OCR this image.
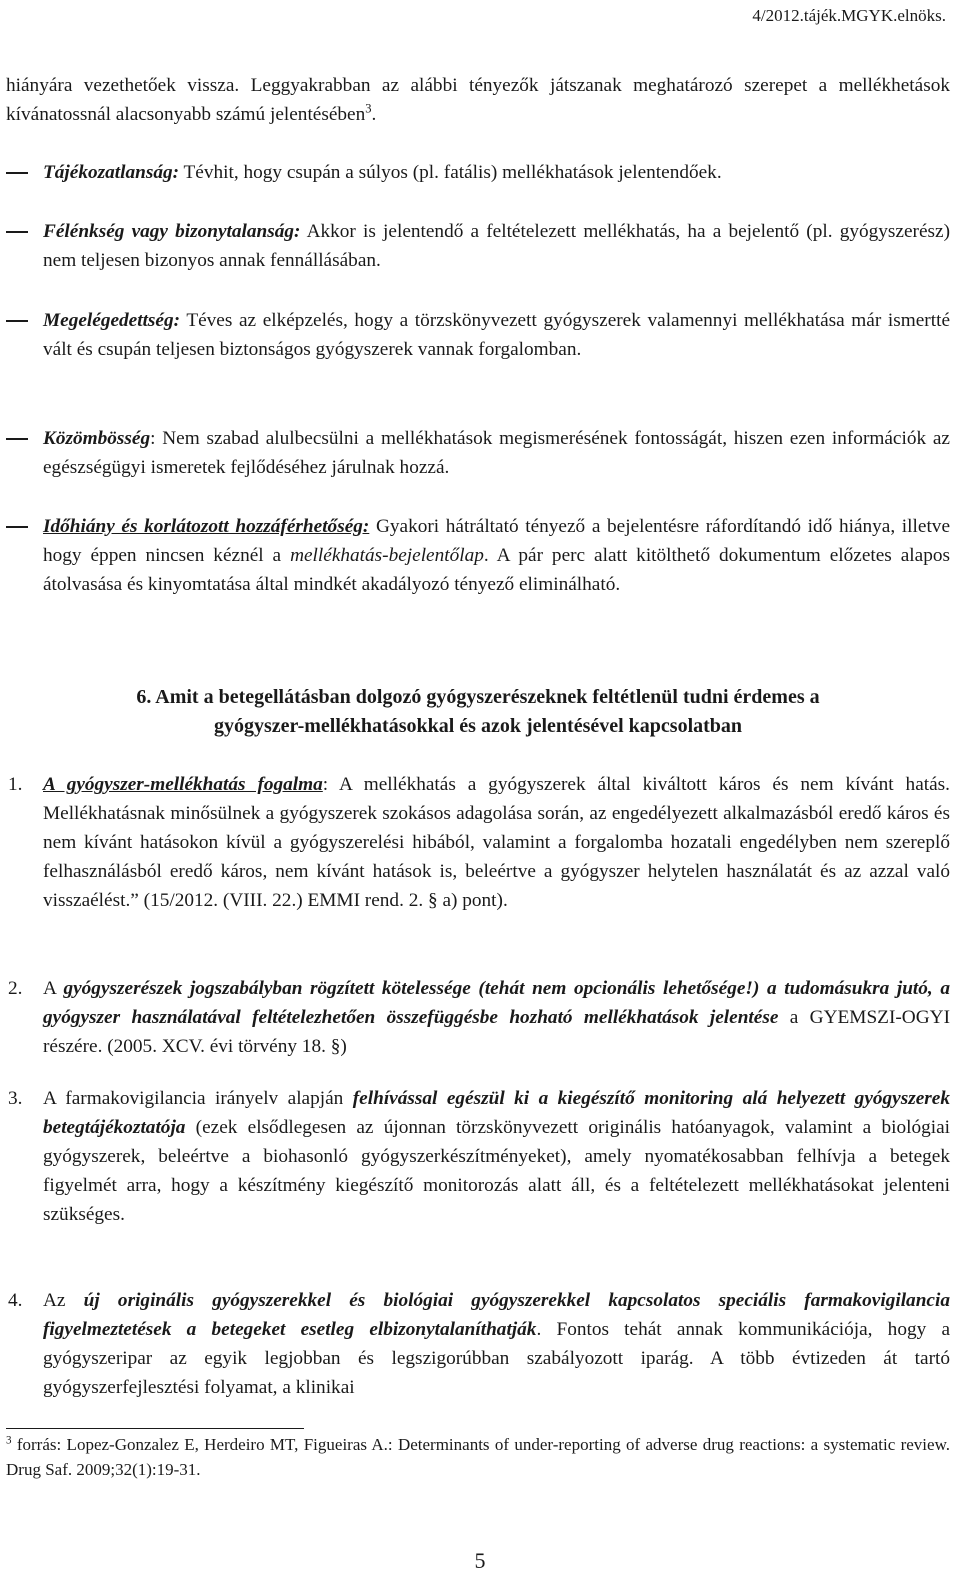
4/2012.tájék.MGYK.elnöks.
hiányára vezethetőek vissza. Leggyakrabban az alábbi tényezők játszanak meghatározó szerepet a mellékhetások kívánatossnál alacsonyabb számú jelentésében$^3$.
Tájékozatlanság: Tévhit, hogy csupán a súlyos (pl. fatális) mellékhatások jelentendőek.
Félénkség vagy bizonytalanság: Akkor is jelentendő a feltételezett mellékhatás, ha a bejelentő (pl. gyógyszerész) nem teljesen bizonyos annak fennállásában.
Megelégedettség: Téves az elképzelés, hogy a törzskönyvezett gyógyszerek valamennyi mellékhatása már ismertté vált és csupán teljesen biztonságos gyógyszerek vannak forgalomban.
Közömbösség: Nem szabad alulbecsülni a mellékhatások megismerésének fontosságát, hiszen ezen információk az egészségügyi ismeretek fejlődéséhez járulnak hozzá.
Időhiány és korlátozott hozzáférhetőség: Gyakori hátráltató tényező a bejelentésre ráfordítandó idő hiánya, illetve hogy éppen nincsen kéznél a mellékhatás-bejelentőlap. A pár perc alatt kitölthető dokumentum előzetes alapos átolvasása és kinyomtatása által mindkét akadályozó tényező eliminálható.
6. Amit a betegellátásban dolgozó gyógyszerészeknek feltétlenül tudni érdemes a
gyógyszer-mellékhatásokkal és azok jelentésével kapcsolatban
1. A gyógyszer-mellékhatás fogalma: A mellékhatás a gyógyszerek által kiváltott káros és nem kívánt hatás. Mellékhatásnak minősülnek a gyógyszerek szokásos adagolása során, az engedélyezett alkalmazásból eredő káros és nem kívánt hatásokon kívül a gyógyszerelési hibából, valamint a forgalomba hozatali engedélyben nem szereplő felhasználásból eredő káros, nem kívánt hatások is, beleértve a gyógyszer helytelen használatát és az azzal való visszaélést.” (15/2012. (VIII. 22.) EMMI rend. 2. § a) pont).
2. A gyógyszerészek jogszabályban rögzített kötelessége (tehát nem opcionális lehetősége!) a tudomásukra jutó, a gyógyszer használatával feltételezhetően összefüggésbe hozható mellékhatások jelentése a GYEMSZI-OGYI részére. (2005. XCV. évi törvény 18. §)
3. A farmakovigilancia irányelv alapján felhívással egészül ki a kiegészítő monitoring alá helyezett gyógyszerek betegtájékoztatója (ezek elsődlegesen az újonnan törzskönyvezett originális hatóanyagok, valamint a biológiai gyógyszerek, beleértve a biohasonló gyógyszerkészítményeket), amely nyomatékosabban felhívja a betegek figyelmét arra, hogy a készítmény kiegészítő monitorozás alatt áll, és a feltételezett mellékhatásokat jelenteni szükséges.
4. Az új originális gyógyszerekkel és biológiai gyógyszerekkel kapcsolatos speciális farmakovigilancia figyelmeztetések a betegeket esetleg elbizonytalaníthatják. Fontos tehát annak kommunikációja, hogy a gyógyszeripar az egyik legjobban és legszigorúbban szabályozott iparág. A több évtizeden át tartó gyógyszerfejlesztési folyamat, a klinikai
$^3$ forrás: Lopez-Gonzalez E, Herdeiro MT, Figueiras A.: Determinants of under-reporting of adverse drug reactions: a systematic review. Drug Saf. 2009;32(1):19-31.
5
